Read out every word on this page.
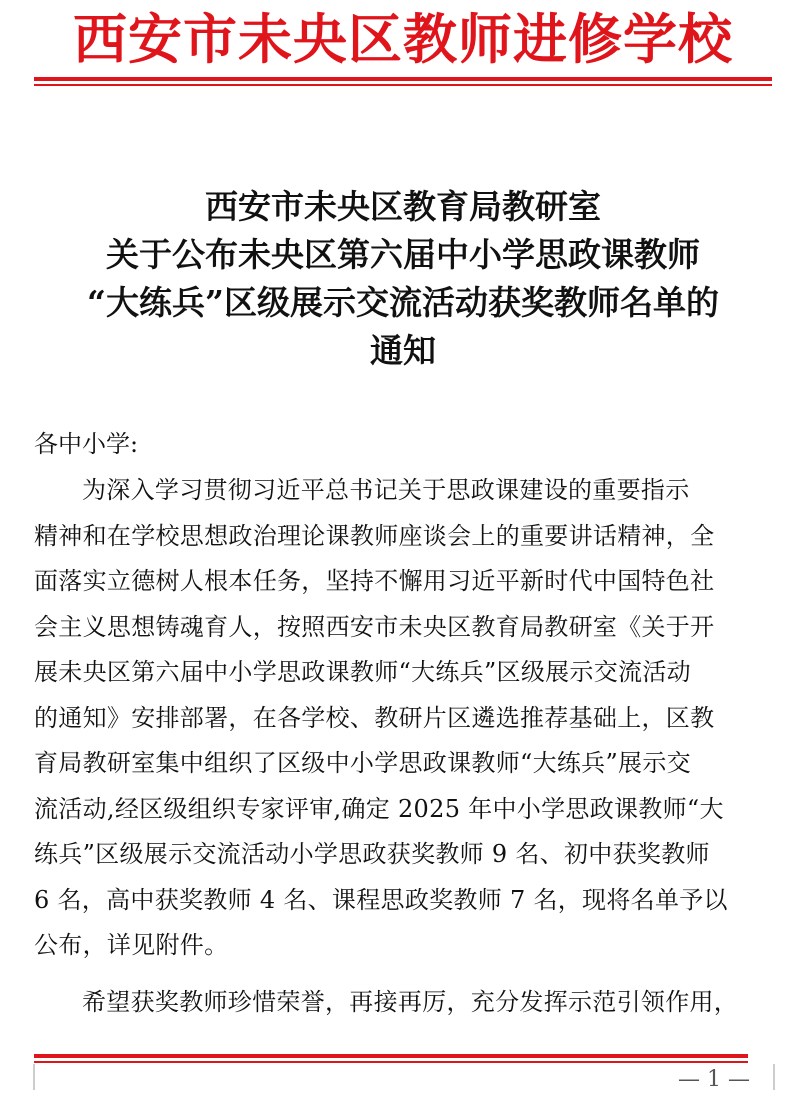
西安市未央区教师进修学校
西安市未央区教育局教研室
关于公布未央区第六届中小学思政课教师
“大练兵”区级展示交流活动获奖教师名单的
通知
各中小学:
为深入学习贯彻习近平总书记关于思政课建设的重要指示
精神和在学校思想政治理论课教师座谈会上的重要讲话精神，全
面落实立德树人根本任务，坚持不懈用习近平新时代中国特色社
会主义思想铸魂育人，按照西安市未央区教育局教研室《关于开
展未央区第六届中小学思政课教师“大练兵”区级展示交流活动
的通知》安排部署，在各学校、教研片区遴选推荐基础上，区教
育局教研室集中组织了区级中小学思政课教师“大练兵”展示交
流活动,经区级组织专家评审,确定 2025 年中小学思政课教师“大
练兵”区级展示交流活动小学思政获奖教师 9 名、初中获奖教师
6 名，高中获奖教师 4 名、课程思政奖教师 7 名，现将名单予以
公布，详见附件。
希望获奖教师珍惜荣誉，再接再厉，充分发挥示范引领作用，
— 1 —
